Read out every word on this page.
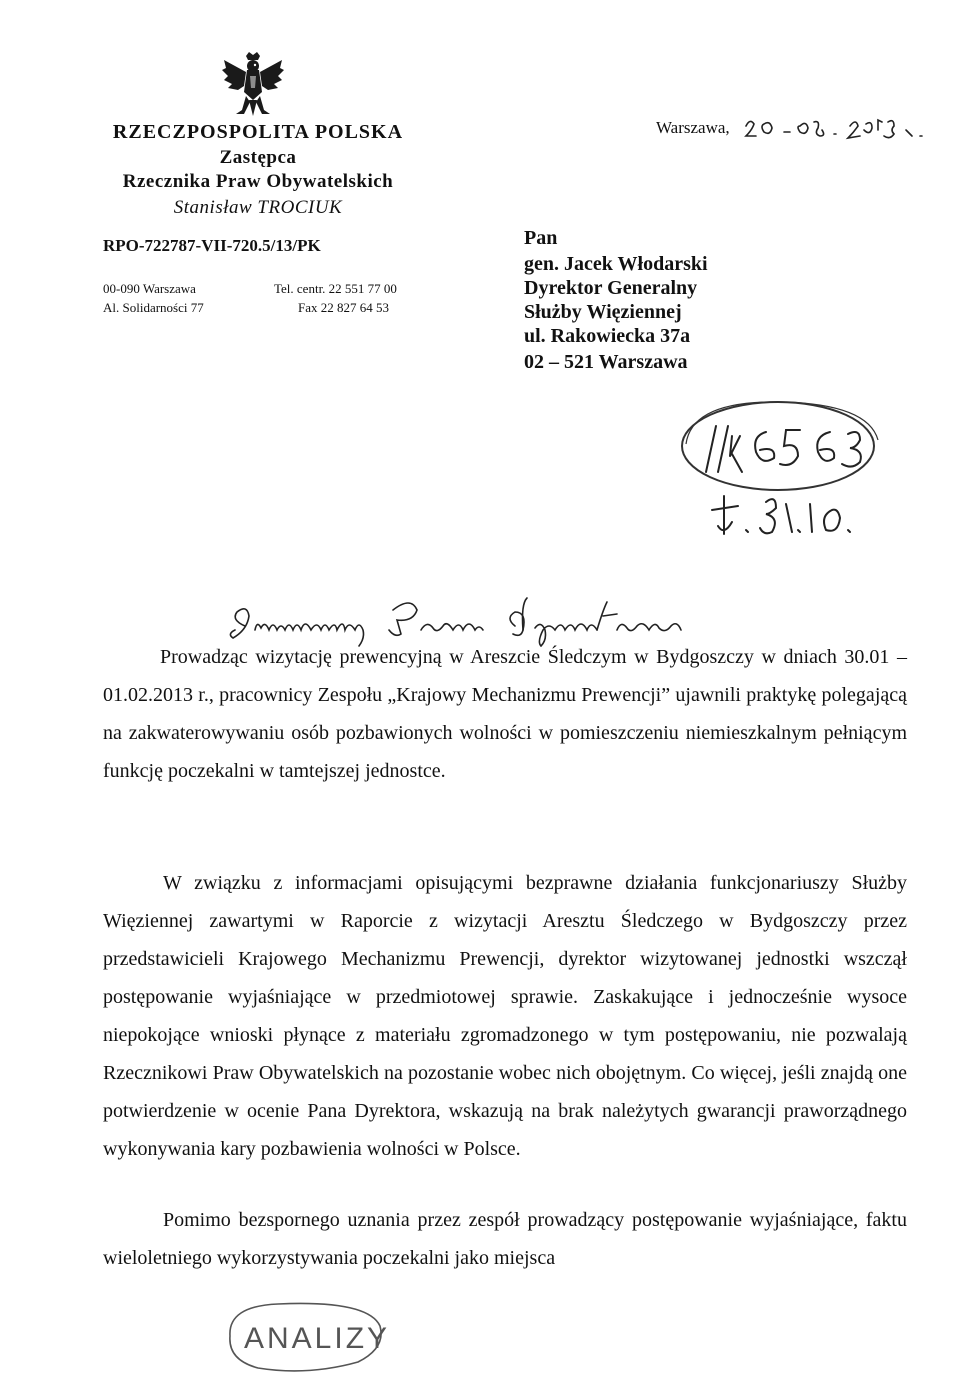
RZECZPOSPOLITA POLSKA
Zastępca
Rzecznika Praw Obywatelskich
Stanisław TROCIUK
RPO-722787-VII-720.5/13/PK
00-090 Warszawa
Al. Solidarności 77
Tel. centr. 22 551 77 00
Fax 22 827 64 53
Warszawa,
Pan
gen. Jacek Włodarski
Dyrektor Generalny
Służby Więziennej
ul. Rakowiecka 37a
02 – 521 Warszawa
Prowadząc wizytację prewencyjną w Areszcie Śledczym w Bydgoszczy w dniach 30.01 – 01.02.2013 r., pracownicy Zespołu „Krajowy Mechanizmu Prewencji” ujawnili praktykę polegającą na zakwaterowywaniu osób pozbawionych wolności w pomieszczeniu niemieszkalnym pełniącym funkcję poczekalni w tamtejszej jednostce.
W związku z informacjami opisującymi bezprawne działania funkcjonariuszy Służby Więziennej zawartymi w Raporcie z wizytacji Aresztu Śledczego w Bydgoszczy przez przedstawicieli Krajowego Mechanizmu Prewencji, dyrektor wizytowanej jednostki wszczął postępowanie wyjaśniające w przedmiotowej sprawie. Zaskakujące i jednocześnie wysoce niepokojące wnioski płynące z materiału zgromadzonego w tym postępowaniu, nie pozwalają Rzecznikowi Praw Obywatelskich na pozostanie wobec nich obojętnym. Co więcej, jeśli znajdą one potwierdzenie w ocenie Pana Dyrektora, wskazują na brak należytych gwarancji praworządnego wykonywania kary pozbawienia wolności w Polsce.
Pomimo bezspornego uznania przez zespół prowadzący postępowanie wyjaśniające, faktu wieloletniego wykorzystywania poczekalni jako miejsca
ANALIZY
